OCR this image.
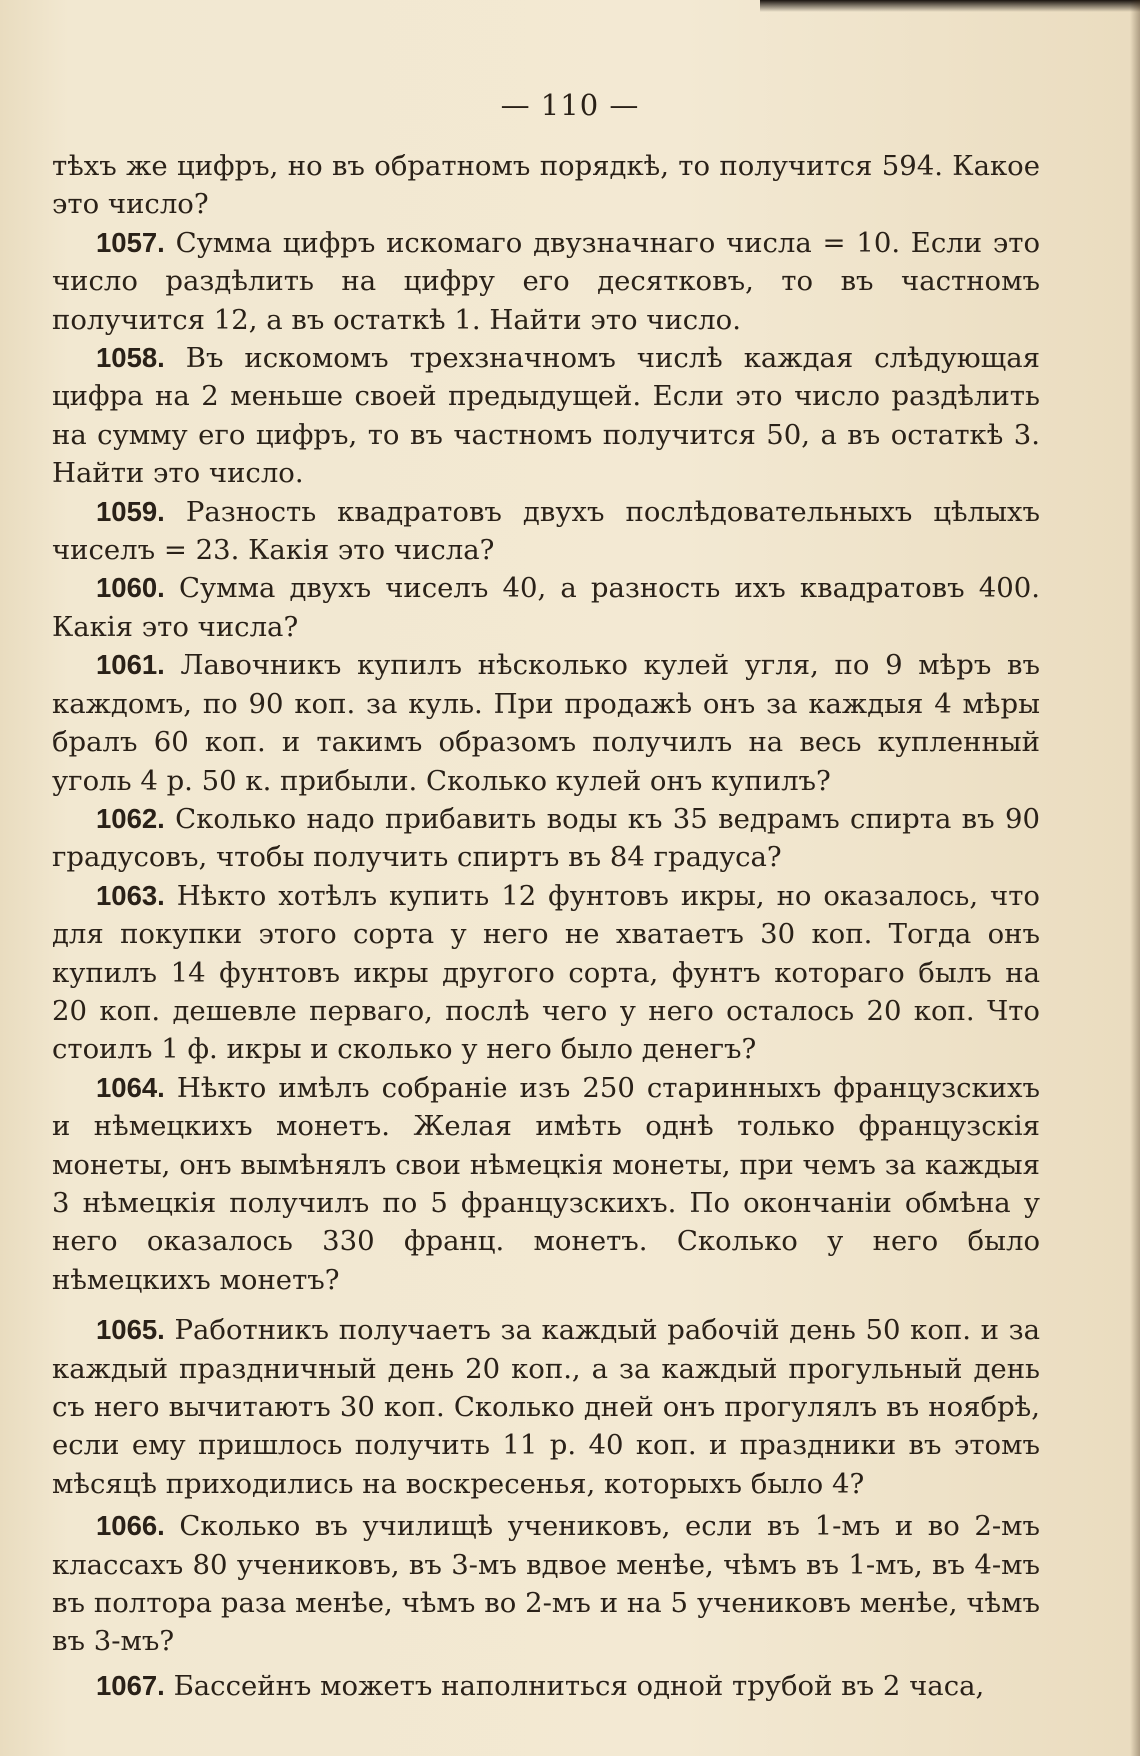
— 110 —
тѣхъ же цифръ, но въ обратномъ порядкѣ, то получится 594. Какое это число?
1057. Сумма цифръ искомаго двузначнаго числа = 10. Если это число раздѣлить на цифру его десятковъ, то въ частномъ получится 12, а въ остаткѣ 1. Найти это число.
1058. Въ искомомъ трехзначномъ числѣ каждая слѣдующая цифра на 2 меньше своей предыдущей. Если это число раздѣлить на сумму его цифръ, то въ частномъ получится 50, а въ остаткѣ 3. Найти это число.
1059. Разность квадратовъ двухъ послѣдовательныхъ цѣлыхъ чиселъ = 23. Какія это числа?
1060. Сумма двухъ чиселъ 40, а разность ихъ квадратовъ 400. Какія это числа?
1061. Лавочникъ купилъ нѣсколько кулей угля, по 9 мѣръ въ каждомъ, по 90 коп. за куль. При продажѣ онъ за каждыя 4 мѣры бралъ 60 коп. и такимъ образомъ получилъ на весь купленный уголь 4 р. 50 к. прибыли. Сколько кулей онъ купилъ?
1062. Сколько надо прибавить воды къ 35 ведрамъ спирта въ 90 градусовъ, чтобы получить спиртъ въ 84 градуса?
1063. Нѣкто хотѣлъ купить 12 фунтовъ икры, но оказалось, что для покупки этого сорта у него не хватаетъ 30 коп. Тогда онъ купилъ 14 фунтовъ икры другого сорта, фунтъ котораго былъ на 20 коп. дешевле перваго, послѣ чего у него осталось 20 коп. Что стоилъ 1 ф. икры и сколько у него было денегъ?
1064. Нѣкто имѣлъ собраніе изъ 250 старинныхъ французскихъ и нѣмецкихъ монетъ. Желая имѣть однѣ только французскія монеты, онъ вымѣнялъ свои нѣмецкія монеты, при чемъ за каждыя 3 нѣмецкія получилъ по 5 французскихъ. По окончаніи обмѣна у него оказалось 330 франц. монетъ. Сколько у него было нѣмецкихъ монетъ?
1065. Работникъ получаетъ за каждый рабочій день 50 коп. и за каждый праздничный день 20 коп., а за каждый прогульный день съ него вычитаютъ 30 коп. Сколько дней онъ прогулялъ въ ноябрѣ, если ему пришлось получить 11 р. 40 коп. и праздники въ этомъ мѣсяцѣ приходились на воскресенья, которыхъ было 4?
1066. Сколько въ училищѣ учениковъ, если въ 1-мъ и во 2-мъ классахъ 80 учениковъ, въ 3-мъ вдвое менѣе, чѣмъ въ 1-мъ, въ 4-мъ въ полтора раза менѣе, чѣмъ во 2-мъ и на 5 учениковъ менѣе, чѣмъ въ 3-мъ?
1067. Бассейнъ можетъ наполниться одной трубой въ 2 часа,
